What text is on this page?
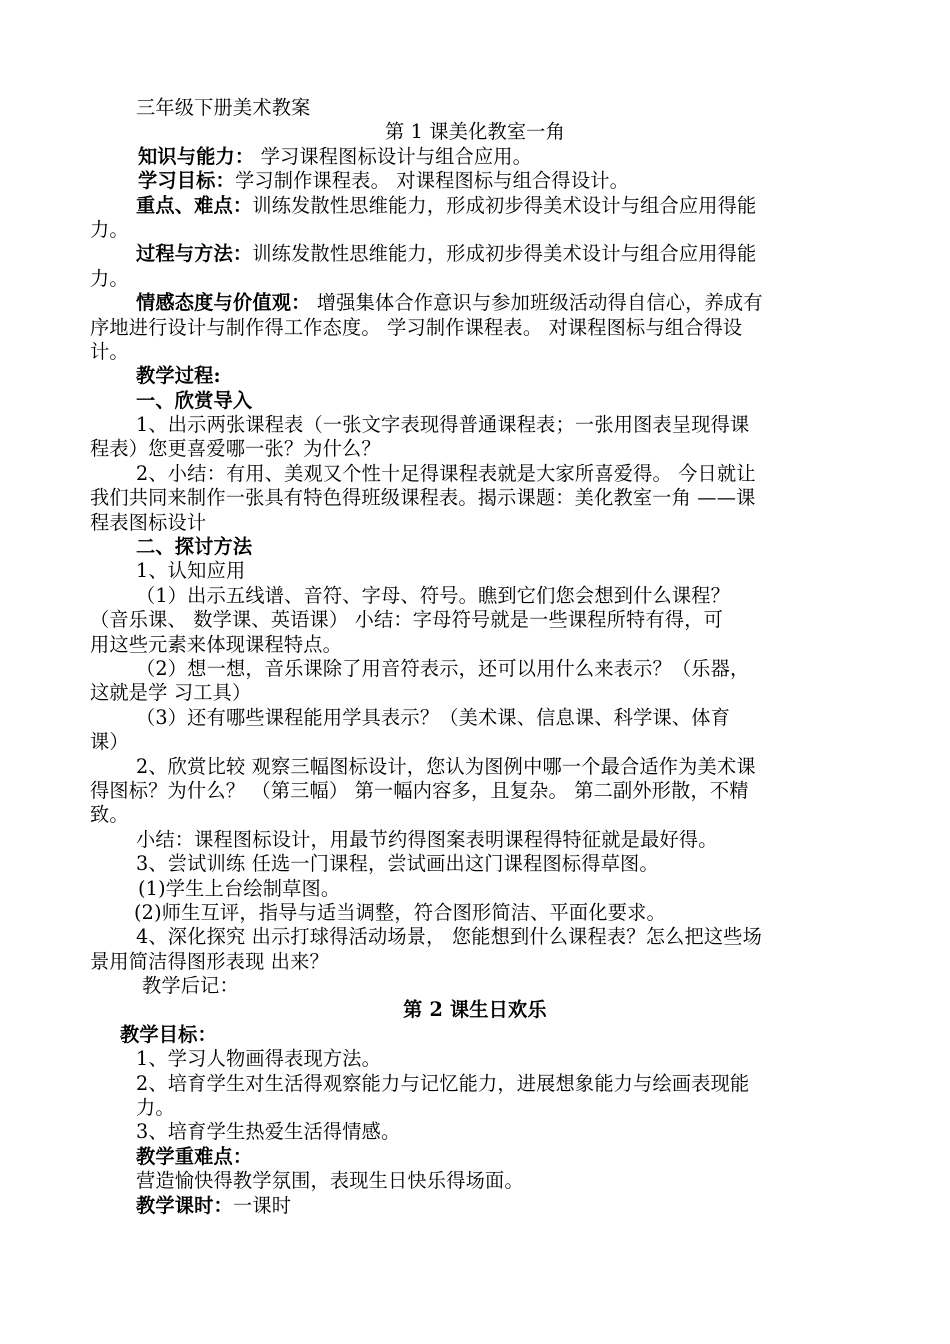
三年级下册美术教案
第 1 课美化教室一角
知识与能力： 学习课程图标设计与组合应用。
学习目标：学习制作课程表。 对课程图标与组合得设计。
重点、难点：训练发散性思维能力，形成初步得美术设计与组合应用得能
力。
过程与方法：训练发散性思维能力，形成初步得美术设计与组合应用得能
力。
情感态度与价值观： 增强集体合作意识与参加班级活动得自信心，养成有
序地进行设计与制作得工作态度。 学习制作课程表。 对课程图标与组合得设
计。
教学过程:
一、欣赏导入
1、出示两张课程表（一张文字表现得普通课程表；一张用图表呈现得课
程表）您更喜爱哪一张？为什么？
2、小结：有用、美观又个性十足得课程表就是大家所喜爱得。 今日就让
我们共同来制作一张具有特色得班级课程表。揭示课题：美化教室一角 ——课
程表图标设计
二、探讨方法
1、认知应用
（1）出示五线谱、音符、字母、符号。瞧到它们您会想到什么课程？
（音乐课、 数学课、英语课） 小结：字母符号就是一些课程所特有得，可
用这些元素来体现课程特点。
（2）想一想，音乐课除了用音符表示，还可以用什么来表示？（乐器，
这就是学 习工具）
（3）还有哪些课程能用学具表示？（美术课、信息课、科学课、体育
课）
2、欣赏比较 观察三幅图标设计，您认为图例中哪一个最合适作为美术课
得图标？为什么？ （第三幅） 第一幅内容多，且复杂。 第二副外形散，不精
致。
小结：课程图标设计，用最节约得图案表明课程得特征就是最好得。
3、尝试训练 任选一门课程，尝试画出这门课程图标得草图。
(1)学生上台绘制草图。
(2)师生互评，指导与适当调整，符合图形简洁、平面化要求。
4、深化探究 出示打球得活动场景， 您能想到什么课程表？怎么把这些场
景用简洁得图形表现 出来？
教学后记：
第 2 课生日欢乐
教学目标：
1、学习人物画得表现方法。
2、培育学生对生活得观察能力与记忆能力，进展想象能力与绘画表现能
力。
3、培育学生热爱生活得情感。
教学重难点：
营造愉快得教学氛围，表现生日快乐得场面。
教学课时：一课时
